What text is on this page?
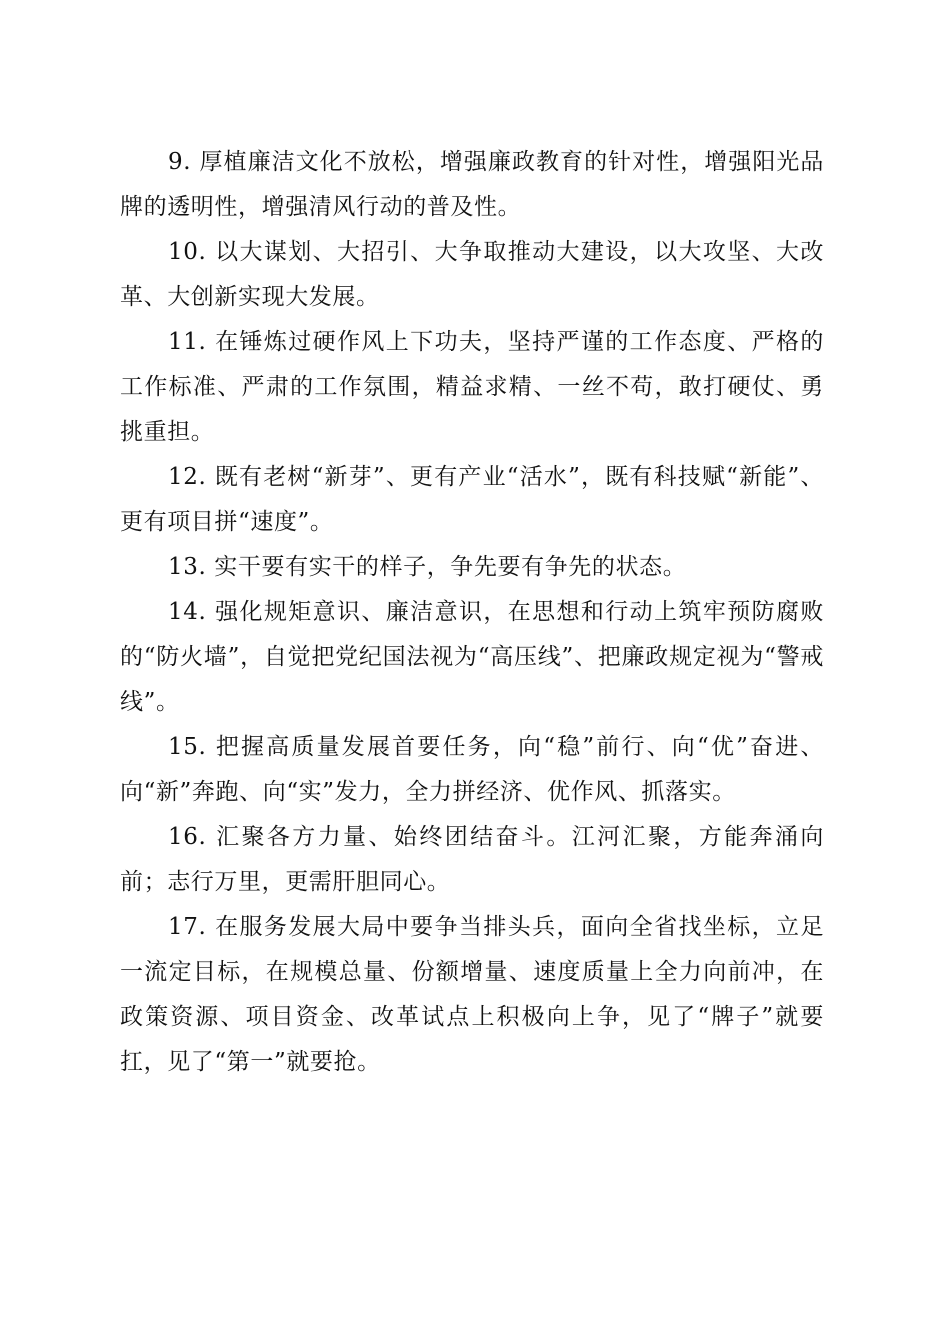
9. 厚植廉洁文化不放松，增强廉政教育的针对性，增强阳光品牌的透明性，增强清风行动的普及性。

10. 以大谋划、大招引、大争取推动大建设，以大攻坚、大改革、大创新实现大发展。

11. 在锤炼过硬作风上下功夫，坚持严谨的工作态度、严格的工作标准、严肃的工作氛围，精益求精、一丝不苟，敢打硬仗、勇挑重担。

12. 既有老树“新芽”、更有产业“活水”，既有科技赋“新能”、更有项目拼“速度”。

13. 实干要有实干的样子，争先要有争先的状态。

14. 强化规矩意识、廉洁意识，在思想和行动上筑牢预防腐败的“防火墙”，自觉把党纪国法视为“高压线”、把廉政规定视为“警戒线”。

15. 把握高质量发展首要任务，向“稳”前行、向“优”奋进、向“新”奔跑、向“实”发力，全力拼经济、优作风、抓落实。

16. 汇聚各方力量、始终团结奋斗。江河汇聚，方能奔涌向前；志行万里，更需肝胆同心。

17. 在服务发展大局中要争当排头兵，面向全省找坐标，立足一流定目标，在规模总量、份额增量、速度质量上全力向前冲，在政策资源、项目资金、改革试点上积极向上争，见了“牌子”就要扛，见了“第一”就要抢。
